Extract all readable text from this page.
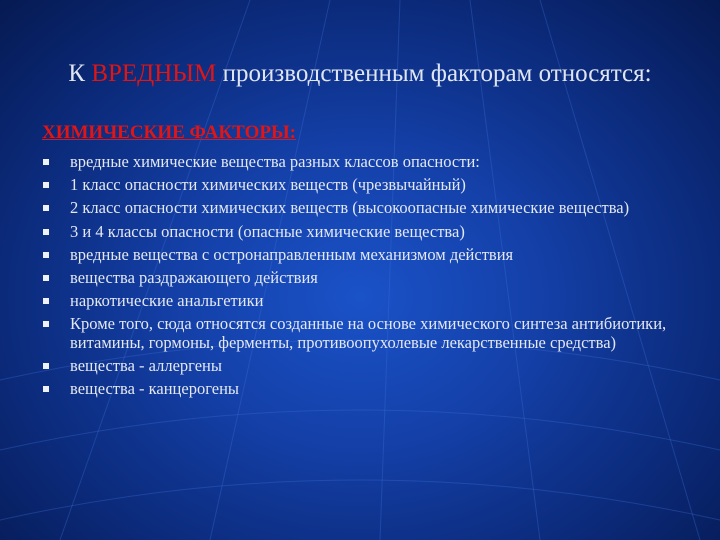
К ВРЕДНЫМ производственным факторам относятся:
ХИМИЧЕСКИЕ ФАКТОРЫ:
вредные химические вещества разных классов опасности:
1 класс опасности химических веществ (чрезвычайный)
2 класс опасности химических веществ (высокоопасные химические вещества)
3 и 4 классы опасности (опасные химические вещества)
вредные вещества с остронаправленным механизмом действия
вещества раздражающего действия
наркотические анальгетики
Кроме того, сюда относятся созданные на основе химического синтеза антибиотики, витамины, гормоны, ферменты, противоопухолевые лекарственные средства)
вещества - аллергены
вещества - канцерогены
